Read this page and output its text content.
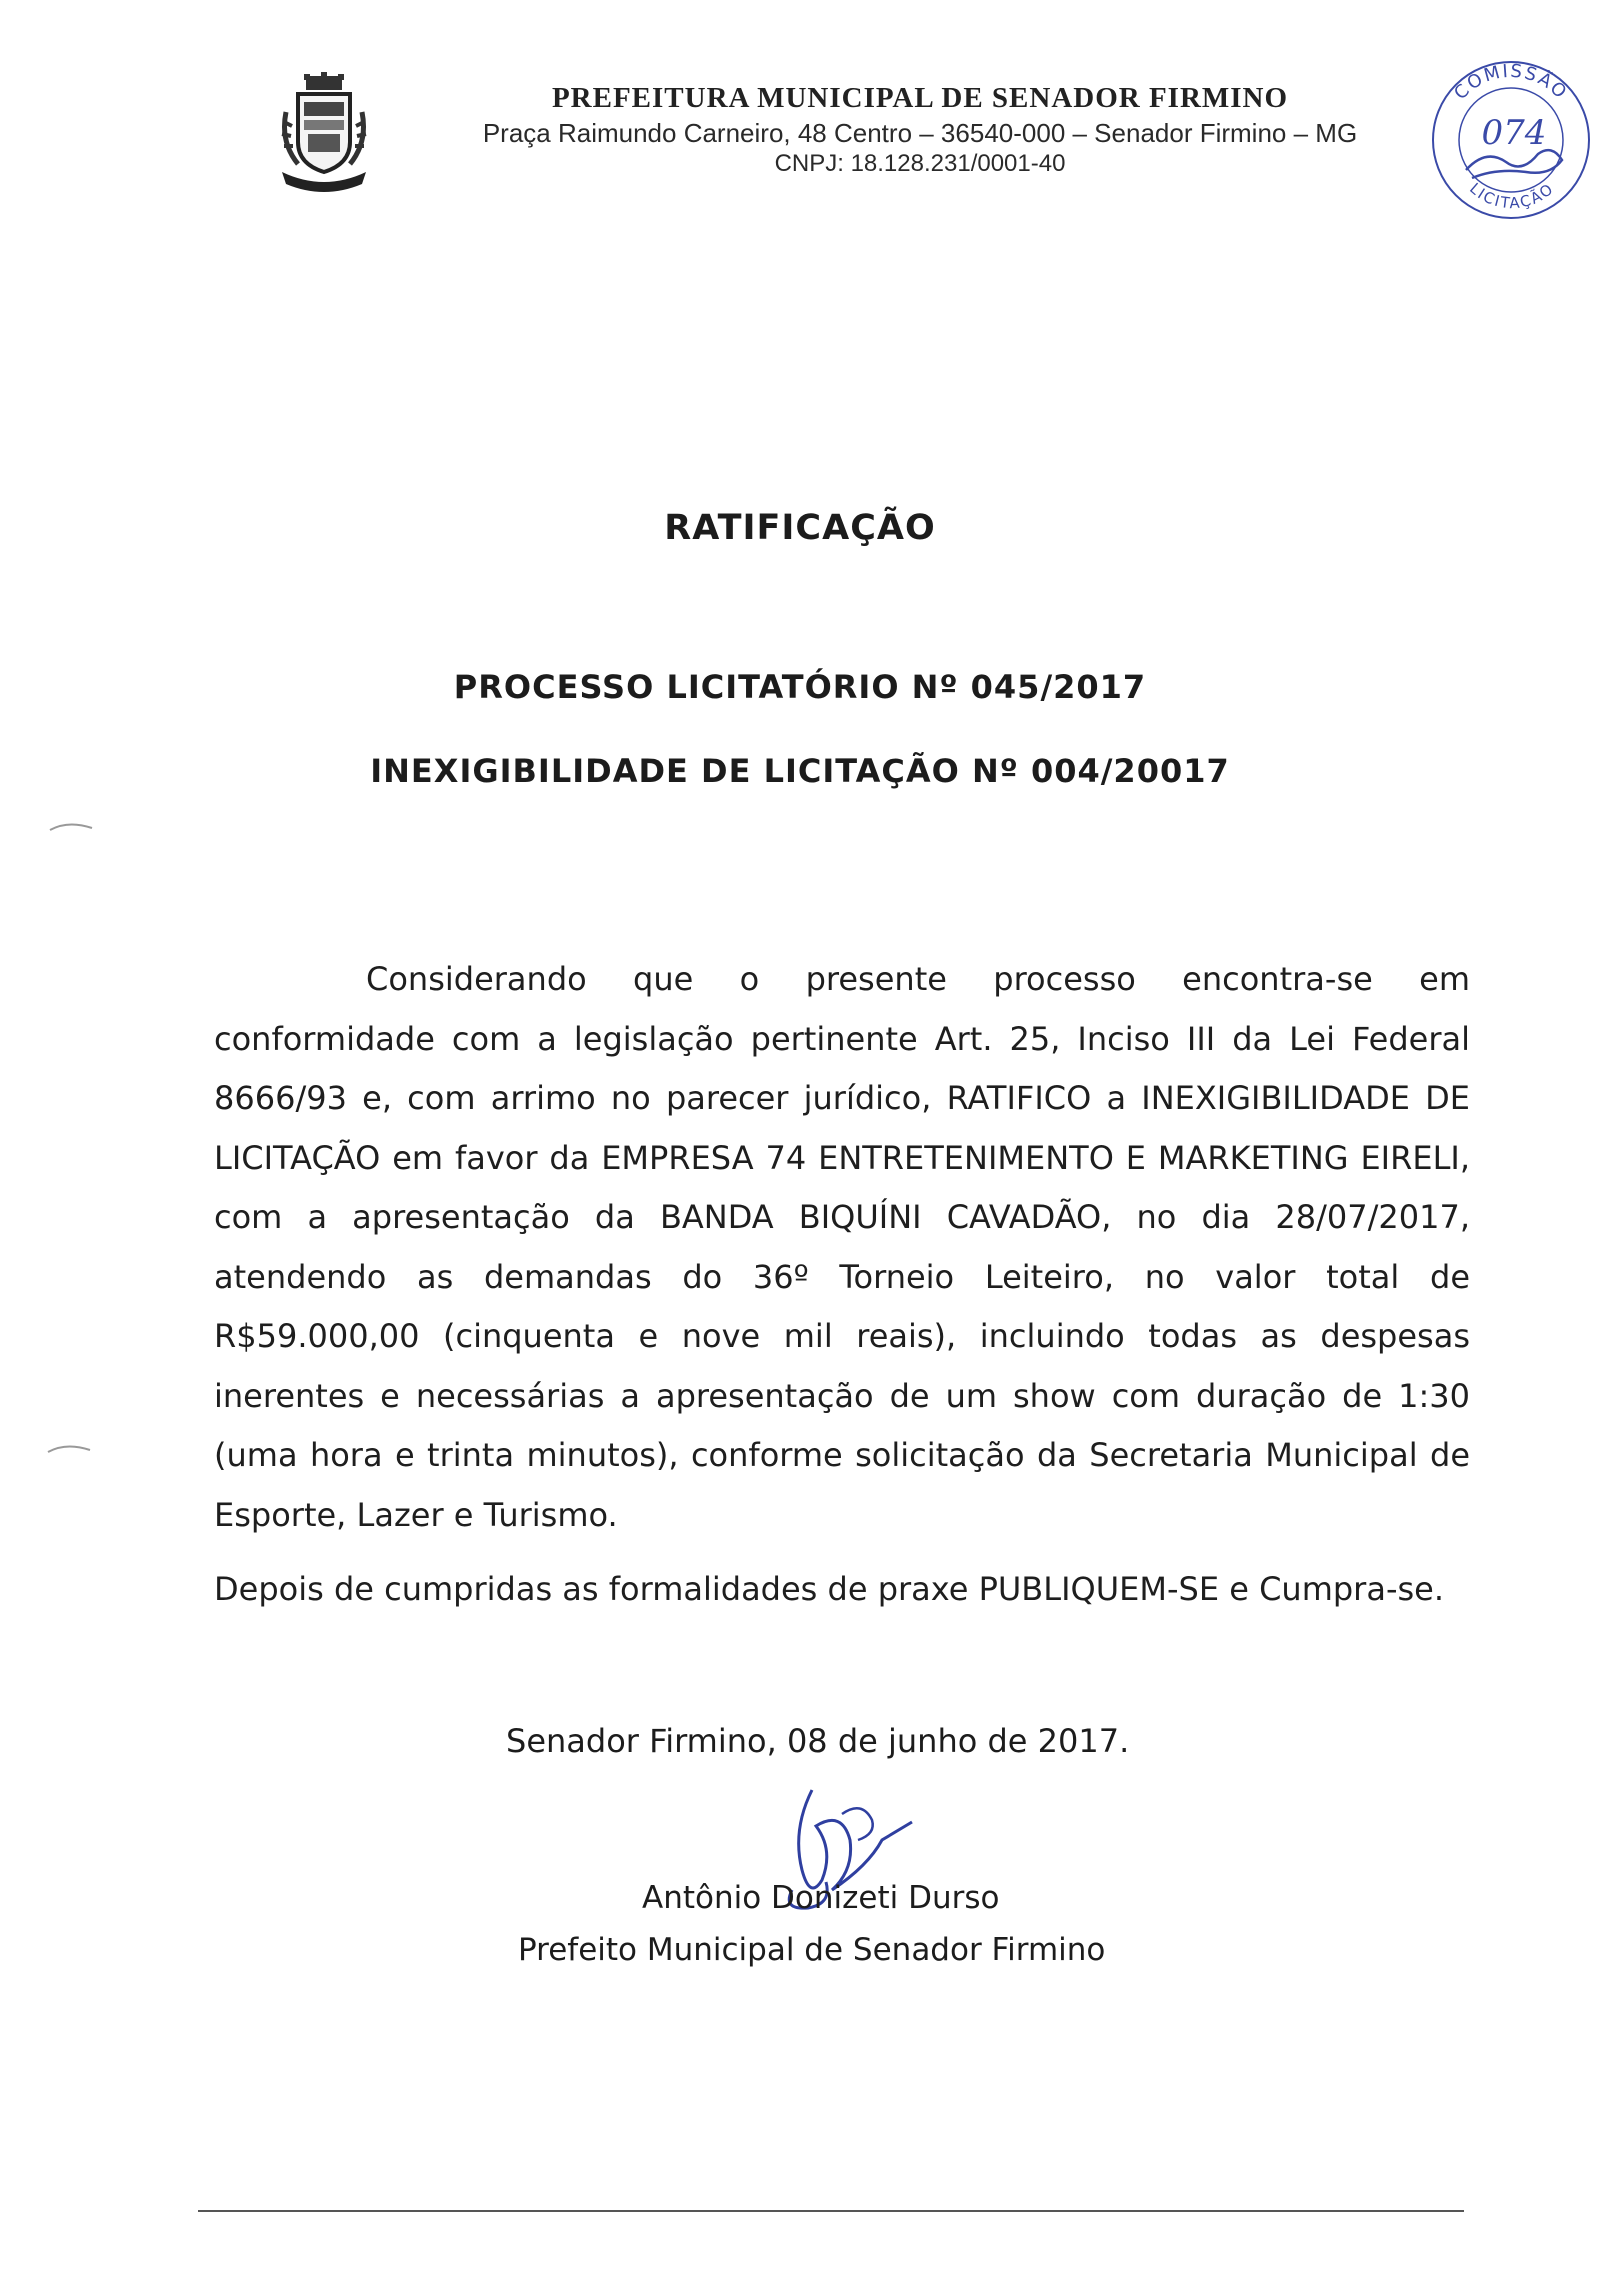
PREFEITURA MUNICIPAL DE SENADOR FIRMINO
Praça Raimundo Carneiro, 48 Centro – 36540-000 – Senador Firmino – MG
CNPJ: 18.128.231/0001-40
COMISSÃO
LICITAÇÃO
074
RATIFICAÇÃO
PROCESSO LICITATÓRIO Nº 045/2017
INEXIGIBILIDADE DE LICITAÇÃO Nº 004/20017

Considerando que o presente processo encontra-se em conformidade com a legislação pertinente Art. 25, Inciso III da Lei Federal 8666/93 e, com arrimo no parecer jurídico, RATIFICO a INEXIGIBILIDADE DE LICITAÇÃO em favor da EMPRESA 74 ENTRETENIMENTO E MARKETING EIRELI, com a apresentação da BANDA BIQUÍNI CAVADÃO, no dia 28/07/2017, atendendo as demandas do 36º Torneio Leiteiro, no valor total de R$59.000,00 (cinquenta e nove mil reais), incluindo todas as despesas inerentes e necessárias a apresentação de um show com duração de 1:30 (uma hora e trinta minutos), conforme solicitação da Secretaria Municipal de Esporte, Lazer e Turismo.

Depois de cumpridas as formalidades de praxe PUBLIQUEM-SE e Cumpra-se.

Senador Firmino, 08 de junho de 2017.
Antônio Donizeti Durso
Prefeito Municipal de Senador Firmino
